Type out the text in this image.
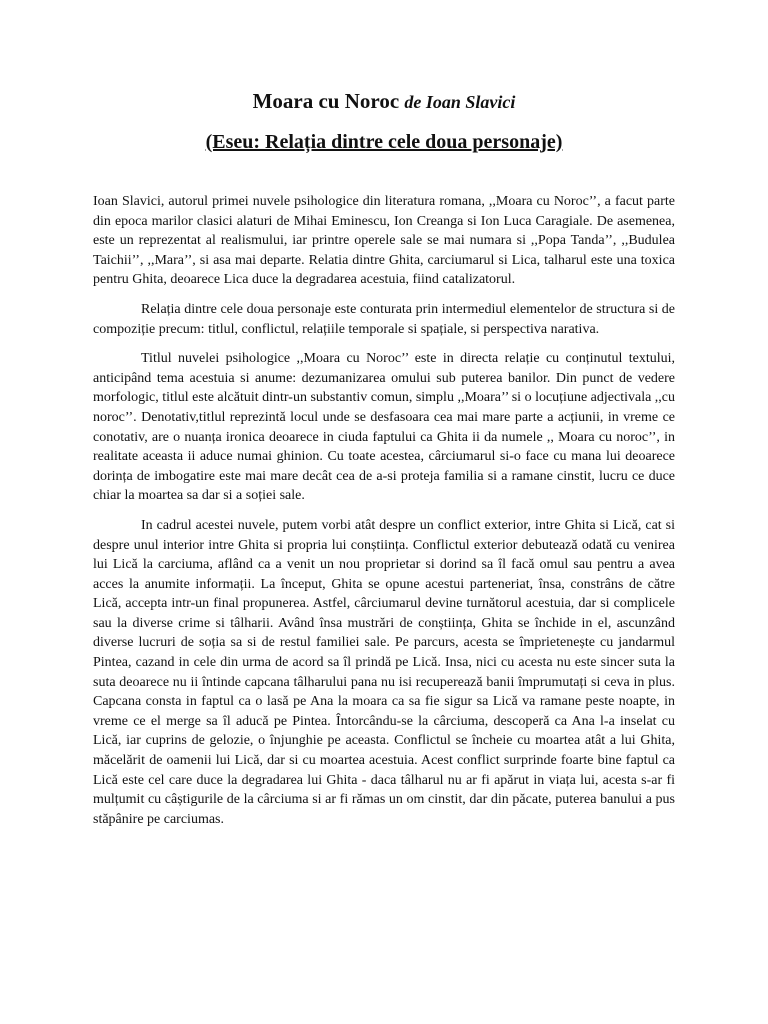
Moara cu Noroc de Ioan Slavici
(Eseu: Relația dintre cele doua personaje)

Ioan Slavici, autorul primei nuvele psihologice din literatura romana, ,,Moara cu Noroc’’, a facut parte din epoca marilor clasici alaturi de Mihai Eminescu, Ion Creanga si Ion Luca Caragiale. De asemenea, este un reprezentat al realismului, iar printre operele sale se mai numara si ,,Popa Tanda’’, ,,Budulea Taichii’’, ,,Mara’’, si asa mai departe. Relatia dintre Ghita, carciumarul si Lica, talharul este una toxica pentru Ghita, deoarece Lica duce la degradarea acestuia, fiind catalizatorul.

Relația dintre cele doua personaje este conturata prin intermediul elementelor de structura si de compoziție precum: titlul, conflictul, relațiile temporale si spațiale, si perspectiva narativa.

Titlul nuvelei psihologice ,,Moara cu Noroc’’ este in directa relație cu conținutul textului, anticipând tema acestuia si anume: dezumanizarea omului sub puterea banilor. Din punct de vedere morfologic, titlul este alcătuit dintr-un substantiv comun, simplu ,,Moara’’ si o locuțiune adjectivala ,,cu noroc’’. Denotativ,titlul reprezintă locul unde se desfasoara cea mai mare parte a acțiunii, in vreme ce conotativ, are o nuanța ironica deoarece in ciuda faptului ca Ghita ii da numele ,, Moara cu noroc’’, in realitate aceasta ii aduce numai ghinion. Cu toate acestea, cârciumarul si-o face cu mana lui deoarece dorința de imbogatire este mai mare decât cea de a-si proteja familia si a ramane cinstit, lucru ce duce chiar la moartea sa dar si a soției sale.

In cadrul acestei nuvele, putem vorbi atât despre un conflict exterior, intre Ghita si Lică, cat si despre unul interior intre Ghita si propria lui conștiința. Conflictul exterior debutează odată cu venirea lui Lică la carciuma, aflând ca a venit un nou proprietar si dorind sa îl facă omul sau pentru a avea acces la anumite informații. La început, Ghita se opune acestui parteneriat, însa, constrâns de către Lică, accepta intr-un final propunerea. Astfel, cârciumarul devine turnătorul acestuia, dar si complicele sau la diverse crime si tâlharii. Având însa mustrări de conștiința, Ghita se închide in el, ascunzând diverse lucruri de soția sa si de restul familiei sale. Pe parcurs, acesta se împrietenește cu jandarmul Pintea, cazand in cele din urma de acord sa îl prindă pe Lică. Insa, nici cu acesta nu este sincer suta la suta deoarece nu ii întinde capcana tâlharului pana nu isi recuperează banii împrumutați si ceva in plus. Capcana consta in faptul ca o lasă pe Ana la moara ca sa fie sigur sa Lică va ramane peste noapte, in vreme ce el merge sa îl aducă pe Pintea. Întorcându-se la cârciuma, descoperă ca Ana l-a inselat cu Lică, iar cuprins de gelozie, o înjunghie pe aceasta. Conflictul se încheie cu moartea atât a lui Ghita, măcelărit de oamenii lui Lică, dar si cu moartea acestuia. Acest conflict surprinde foarte bine faptul ca Lică este cel care duce la degradarea lui Ghita - daca tâlharul nu ar fi apărut in viața lui, acesta s-ar fi mulțumit cu câștigurile de la cârciuma si ar fi rămas un om cinstit, dar din păcate, puterea banului a pus stăpânire pe carciumas.
